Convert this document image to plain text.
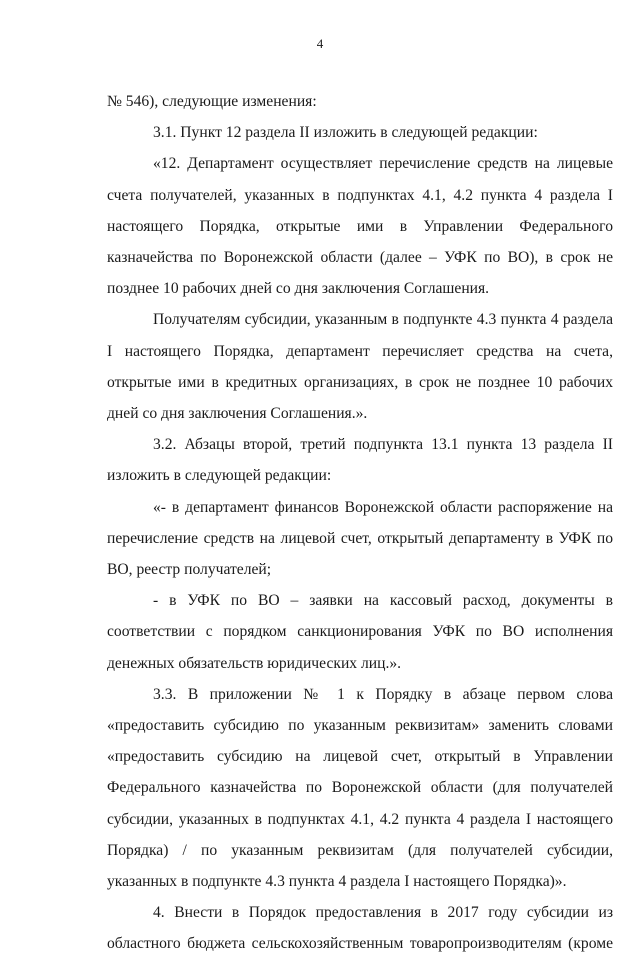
4

№ 546), следующие изменения:

3.1. Пункт 12 раздела II изложить в следующей редакции:

«12. Департамент осуществляет перечисление средств на лицевые счета получателей, указанных в подпунктах 4.1, 4.2 пункта 4 раздела I настоящего Порядка, открытые ими в Управлении Федерального казначейства по Воронежской области (далее – УФК по ВО), в срок не позднее 10 рабочих дней со дня заключения Соглашения.

Получателям субсидии, указанным в подпункте 4.3 пункта 4 раздела I настоящего Порядка, департамент перечисляет средства на счета, открытые ими в кредитных организациях, в срок не позднее 10 рабочих дней со дня заключения Соглашения.».

3.2. Абзацы второй, третий подпункта 13.1 пункта 13 раздела II изложить в следующей редакции:

«- в департамент финансов Воронежской области распоряжение на перечисление средств на лицевой счет, открытый департаменту в УФК по ВО, реестр получателей;

- в УФК по ВО – заявки на кассовый расход, документы в соответствии с порядком санкционирования УФК по ВО исполнения денежных обязательств юридических лиц.».

3.3. В приложении № 1 к Порядку в абзаце первом слова «предоставить субсидию по указанным реквизитам» заменить словами «предоставить субсидию на лицевой счет, открытый в Управлении Федерального казначейства по Воронежской области (для получателей субсидии, указанных в подпунктах 4.1, 4.2 пункта 4 раздела I настоящего Порядка) / по указанным реквизитам (для получателей субсидии, указанных в подпункте 4.3 пункта 4 раздела I настоящего Порядка)».

4. Внести в Порядок предоставления в 2017 году субсидии из областного бюджета сельскохозяйственным товаропроизводителям (кроме
